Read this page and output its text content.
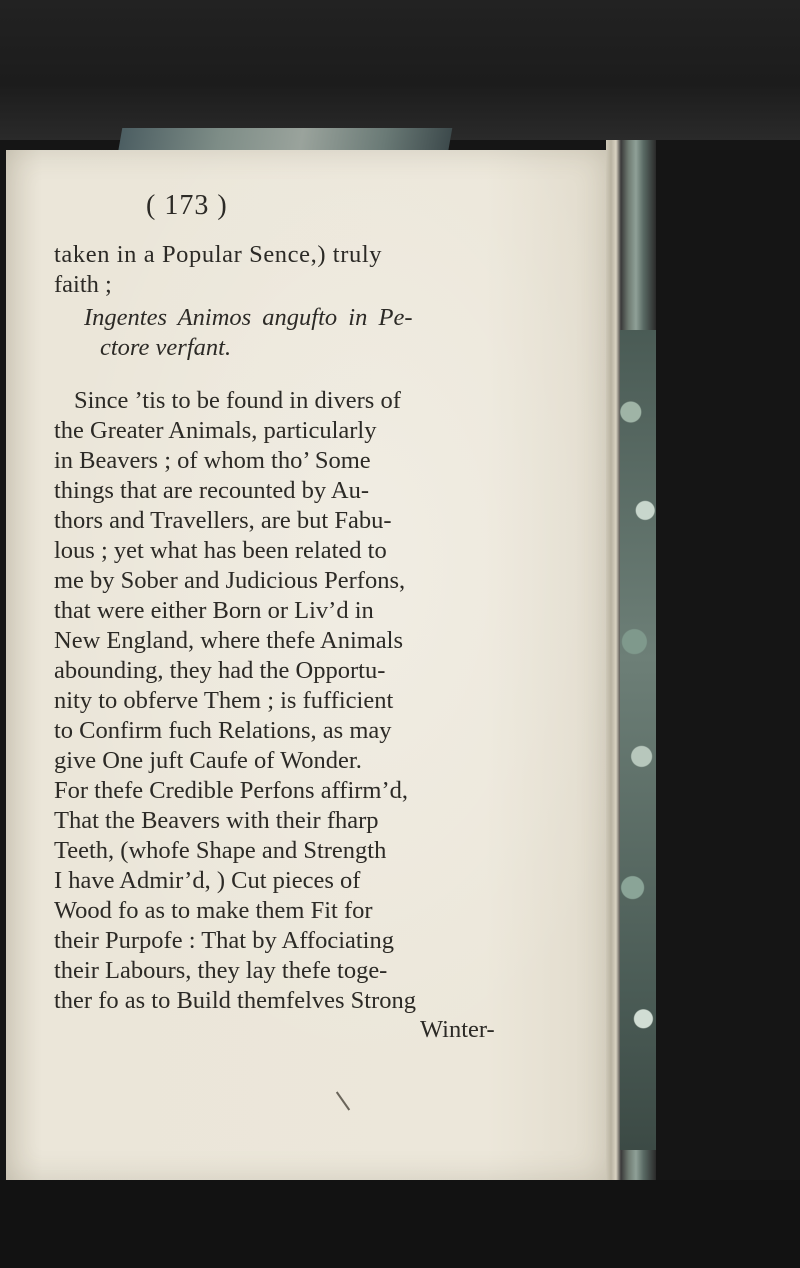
( 173 )
taken in a Popular Sence,) truly
faith ;
Ingentes Animos angufto in Pe-
ctore verfant.
Since ’tis to be found in divers of
the Greater Animals, particularly
in Beavers ; of whom tho’ Some
things that are recounted by Au-
thors and Travellers, are but Fabu-
lous ; yet what has been related to
me by Sober and Judicious Perfons,
that were either Born or Liv’d in
New England, where thefe Animals
abounding, they had the Opportu-
nity to obferve Them ; is fufficient
to Confirm fuch Relations, as may
give One juft Caufe of Wonder.
For thefe Credible Perfons affirm’d,
That the Beavers with their fharp
Teeth, (whofe Shape and Strength
I have Admir’d, ) Cut pieces of
Wood fo as to make them Fit for
their Purpofe : That by Affociating
their Labours, they lay thefe toge-
ther fo as to Build themfelves Strong
Winter-
